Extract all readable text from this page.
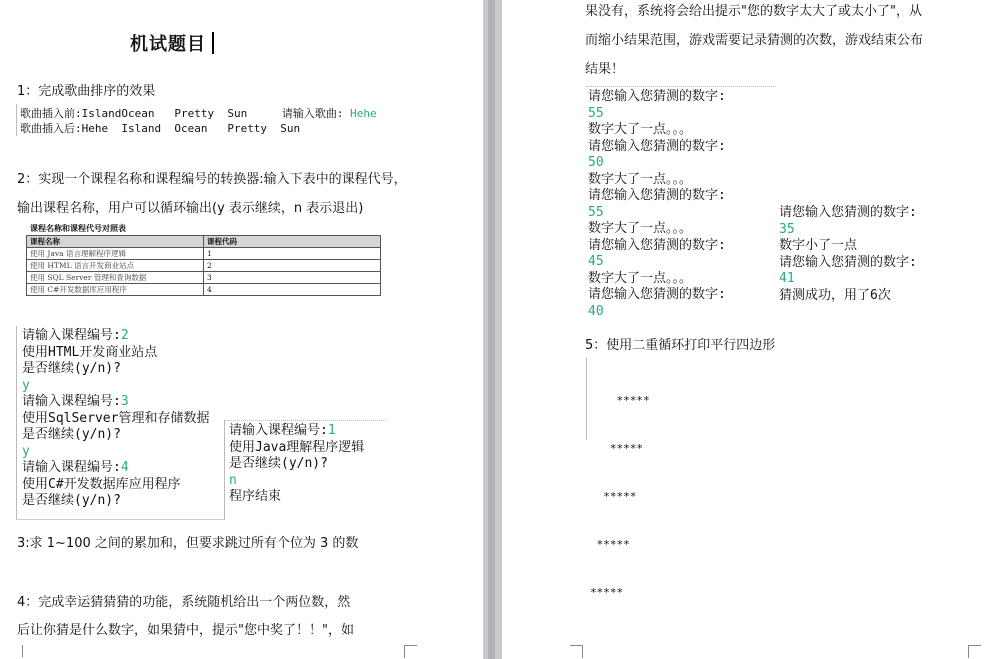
机试题目
1：完成歌曲排序的效果
歌曲插入前:IslandOcean   Pretty  Sun	请输入歌曲: Hehe
歌曲插入后:Hehe  Island  Ocean   Pretty  Sun
2：实现一个课程名称和课程编号的转换器:输入下表中的课程代号，
输出课程名称，用户可以循环输出(y 表示继续，n 表示退出)
课程名称和课程代号对照表
课程名称	课程代码
使用 Java 语言理解程序逻辑	1
使用 HTML 语言开发商业站点	2
使用 SQL Server 管理和查询数据	3
使用 C#开发数据库应用程序	4
请输入课程编号:2
使用HTML开发商业站点
是否继续(y/n)?
y
请输入课程编号:3
使用SqlServer管理和存储数据
是否继续(y/n)?
y
请输入课程编号:4
使用C#开发数据库应用程序
是否继续(y/n)?
请输入课程编号:1
使用Java理解程序逻辑
是否继续(y/n)?
n
程序结束
3:求 1~100 之间的累加和，但要求跳过所有个位为 3 的数
4：完成幸运猜猜猜的功能，系统随机给出一个两位数，然
后让你猜是什么数字，如果猜中，提示"您中奖了！！"，如
果没有，系统将会给出提示"您的数字太大了或太小了"，从
而缩小结果范围，游戏需要记录猜测的次数，游戏结束公布
结果！
请您输入您猜测的数字:
55
数字大了一点。。。
请您输入您猜测的数字:
50
数字大了一点。。。
请您输入您猜测的数字:
55
数字大了一点。。。
请您输入您猜测的数字:
45
数字大了一点。。。
请您输入您猜测的数字:
40
请您输入您猜测的数字:
35
数字小了一点
请您输入您猜测的数字:
41
猜测成功，用了6次
5：使用二重循环打印平行四边形

*****

*****

*****

*****

*****
